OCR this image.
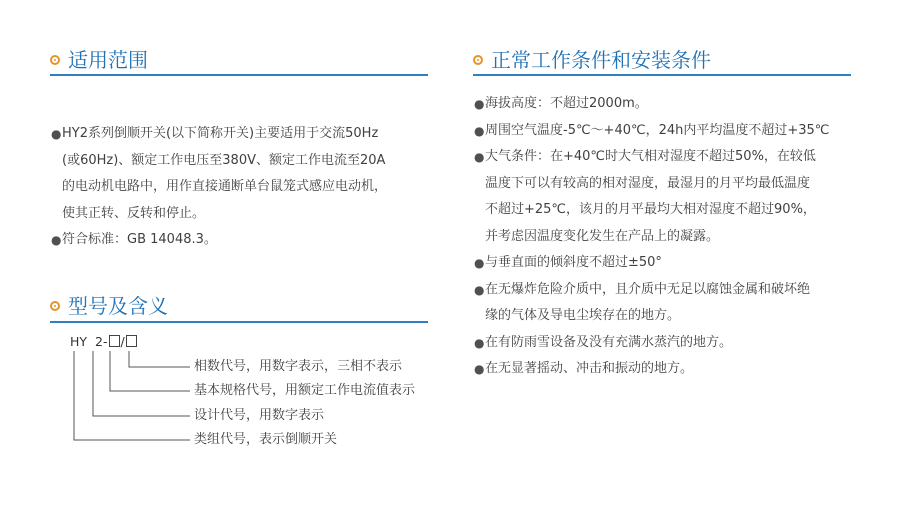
适用范围

● HY2系列倒顺开关(以下简称开关)主要适用于交流50Hz

(或60Hz)、额定工作电压至380V、额定工作电流至20A

的电动机电路中，用作直接通断单台鼠笼式感应电动机，

使其正转、反转和停止。

● 符合标准：GB 14048.3。

型号及含义
HY 2- /
相数代号，用数字表示，三相不表示
基本规格代号，用额定工作电流值表示
设计代号，用数字表示
类组代号，表示倒顺开关
正常工作条件和安装条件

● 海拔高度：不超过2000m。

● 周围空气温度-5℃～+40℃，24h内平均温度不超过+35℃

● 大气条件：在+40℃时大气相对湿度不超过50%，在较低

温度下可以有较高的相对湿度，最湿月的月平均最低温度

不超过+25℃，该月的月平最均大相对湿度不超过90%，

并考虑因温度变化发生在产品上的凝露。

● 与垂直面的倾斜度不超过±50°

● 在无爆炸危险介质中，且介质中无足以腐蚀金属和破坏绝

缘的气体及导电尘埃存在的地方。

● 在有防雨雪设备及没有充满水蒸汽的地方。

● 在无显著摇动、冲击和振动的地方。
